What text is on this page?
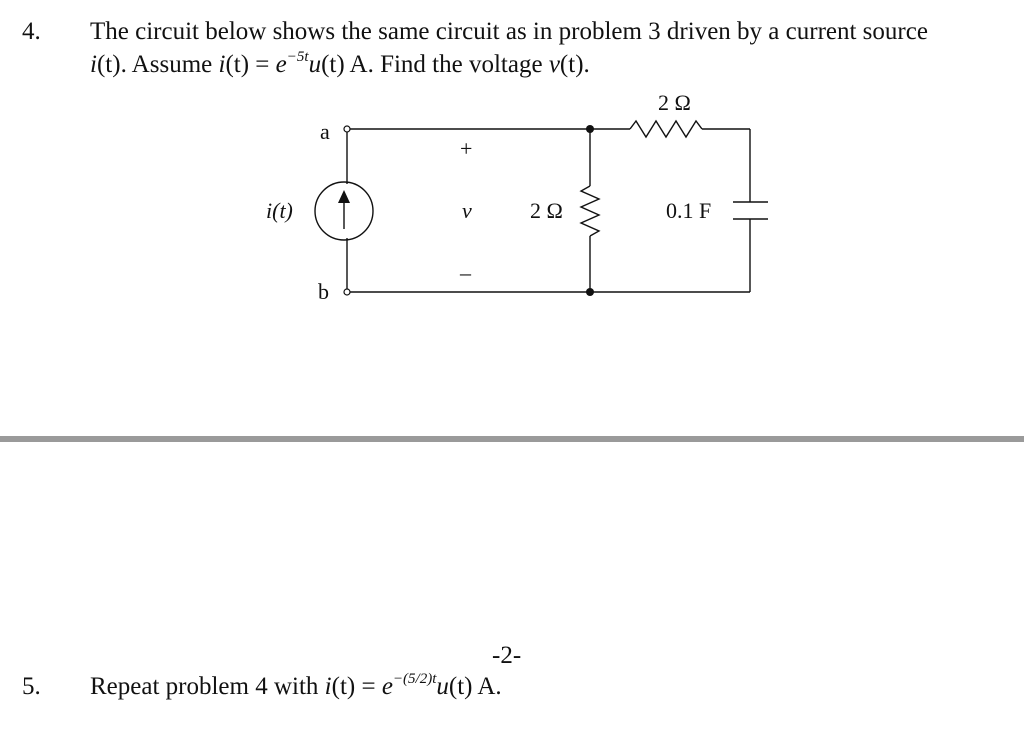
4. The circuit below shows the same circuit as in problem 3 driven by a current source
i(t). Assume $i(t) = e^{-5t}u(t)$ A. Find the voltage v(t).
a
b
i(t)
+
v
–
2 Ω
2 Ω
0.1 F
-2-
5. Repeat problem 4 with $i(t) = e^{-(5/2)t}u(t)$ A.
